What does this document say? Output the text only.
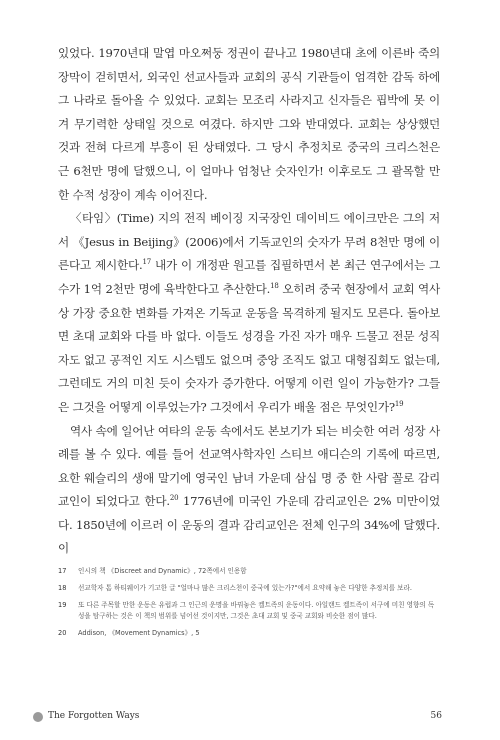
있었다. 1970년대 말엽 마오쩌둥 정권이 끝나고 1980년대 초에 이른바 죽의 장막이 걷히면서, 외국인 선교사들과 교회의 공식 기관들이 엄격한 감독 하에 그 나라로 돌아올 수 있었다. 교회는 모조리 사라지고 신자들은 핍박에 못 이겨 무기력한 상태일 것으로 여겼다. 하지만 그와 반대였다. 교회는 상상했던 것과 전혀 다르게 부흥이 된 상태였다. 그 당시 추정치로 중국의 크리스천은 근 6천만 명에 달했으니, 이 얼마나 엄청난 숫자인가! 이후로도 그 괄목할 만한 수적 성장이 계속 이어진다.

〈타임〉(Time) 지의 전직 베이징 지국장인 데이비드 에이크만은 그의 저서 《Jesus in Beijing》(2006)에서 기독교인의 숫자가 무려 8천만 명에 이른다고 제시한다.$^{17}$ 내가 이 개정판 원고를 집필하면서 본 최근 연구에서는 그 수가 1억 2천만 명에 육박한다고 추산한다.$^{18}$ 오히려 중국 현장에서 교회 역사상 가장 중요한 변화를 가져온 기독교 운동을 목격하게 될지도 모른다. 돌아보면 초대 교회와 다를 바 없다. 이들도 성경을 가진 자가 매우 드물고 전문 성직자도 없고 공적인 지도 시스템도 없으며 중앙 조직도 없고 대형집회도 없는데, 그런데도 거의 미친 듯이 숫자가 증가한다. 어떻게 이런 일이 가능한가? 그들은 그것을 어떻게 이루었는가? 그것에서 우리가 배울 점은 무엇인가?$^{19}$

역사 속에 일어난 여타의 운동 속에서도 본보기가 되는 비슷한 여러 성장 사례를 볼 수 있다. 예를 들어 선교역사학자인 스티브 애디슨의 기록에 따르면, 요한 웨슬리의 생애 말기에 영국인 남녀 가운데 삼십 명 중 한 사람 꼴로 감리교인이 되었다고 한다.$^{20}$ 1776년에 미국인 가운데 감리교인은 2% 미만이었다. 1850년에 이르러 이 운동의 결과 감리교인은 전체 인구의 34%에 달했다. 이

17	인시의 책 《Discreet and Dynamic》, 72쪽에서 인용함
18	선교학자 톰 하티웨이가 기고한 글 "얼마나 많은 크리스천이 중국에 있는가?"에서 요약해 놓은 다양한 추정치를 보라.
19	또 다른 주목할 만한 운동은 유럽과 그 인근의 운명을 바꿔놓은 켈트족의 운동이다. 아일랜드 켈트족이 서구에 미친 영향의 독성을 탐구하는 것은 이 책의 범위를 넘어선 것이지만, 그것은 초대 교회 및 중국 교회와 비슷한 점이 많다.
20	Addison, 《Movement Dynamics》, 5
The Forgotten Ways	56
